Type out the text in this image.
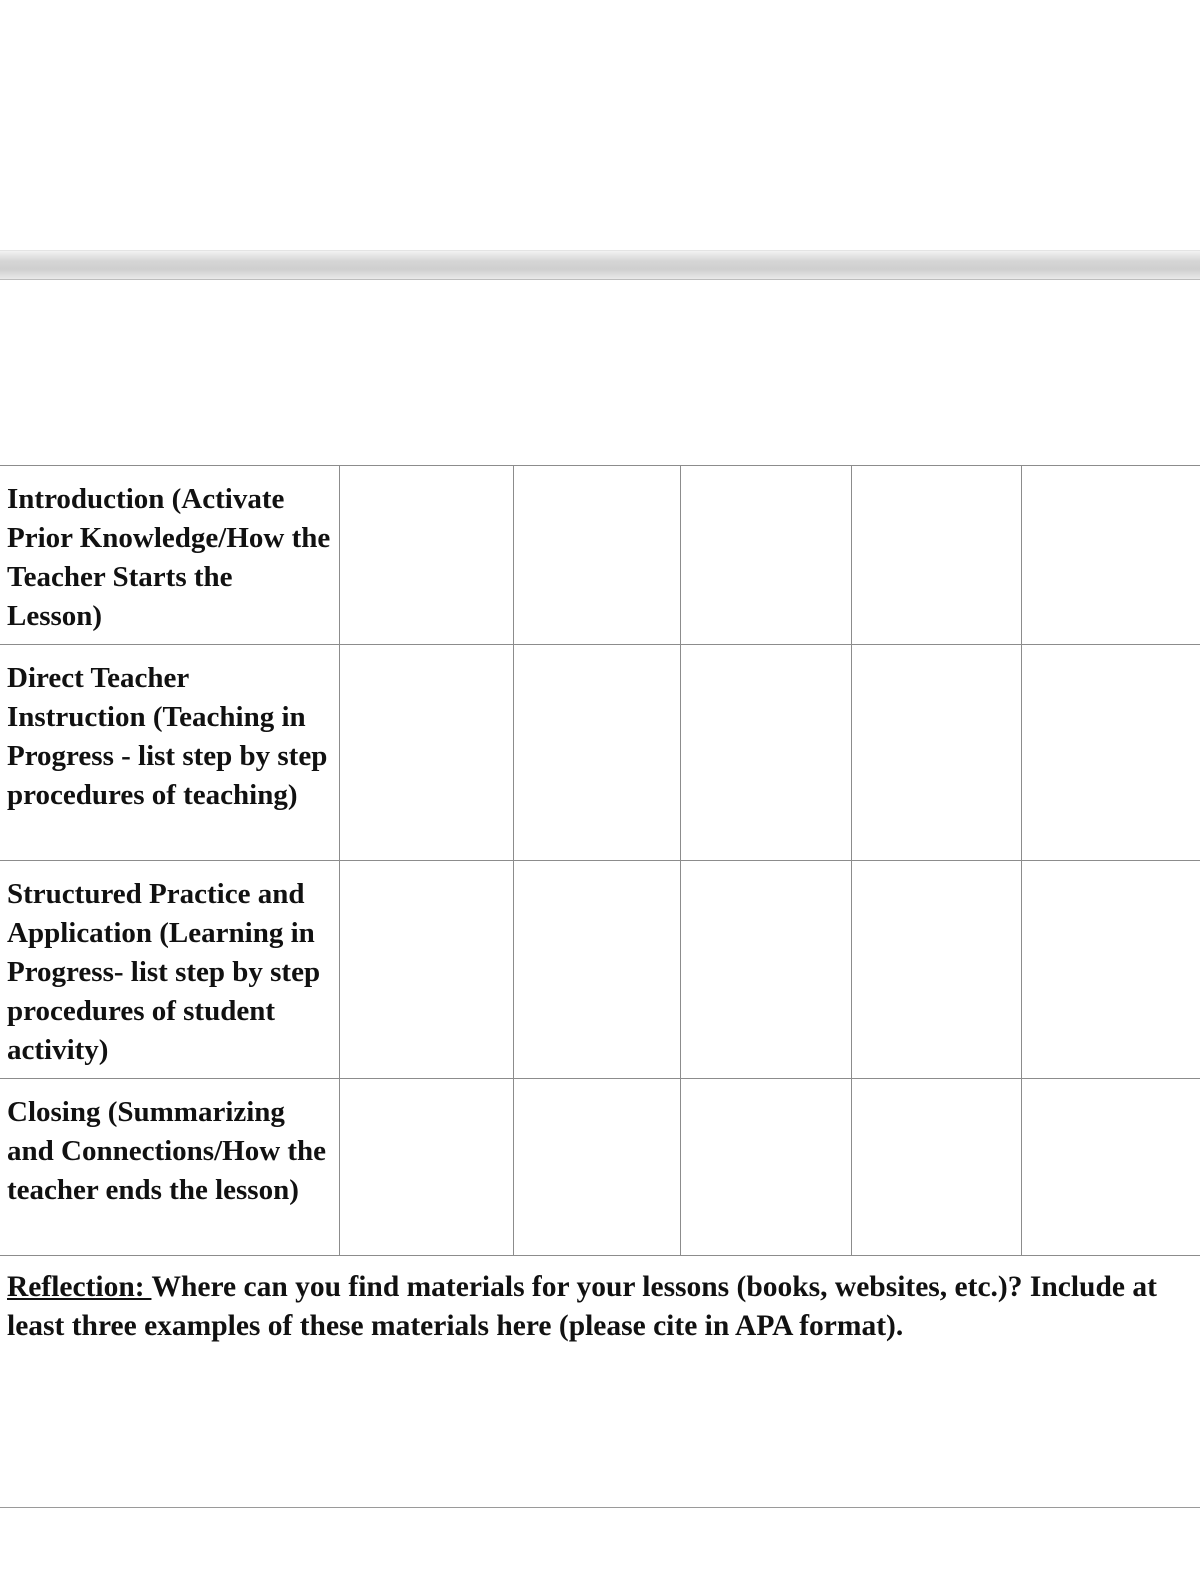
Introduction (Activate Prior Knowledge/How the Teacher Starts the Lesson)					
Direct Teacher Instruction (Teaching in Progress - list step by step procedures of teaching)					
Structured Practice and Application (Learning in Progress- list step by step procedures of student activity)					
Closing (Summarizing and Connections/How the teacher ends the lesson)					

Reflection: Where can you find materials for your lessons (books, websites, etc.)? Include at least three examples of these materials here (please cite in APA format).
